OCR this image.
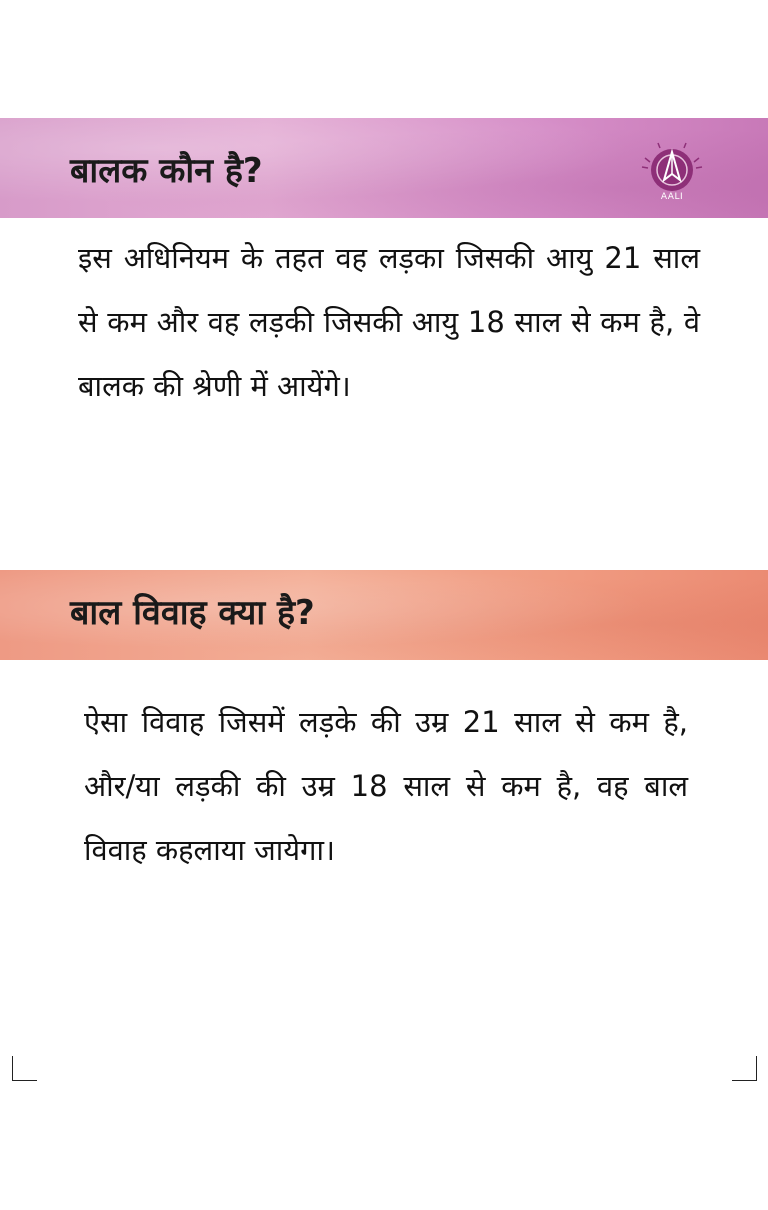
बालक कौन है?
AALI

इस अधिनियम के तहत वह लड़का जिसकी आयु 21 साल से कम और वह लड़की जिसकी आयु 18 साल से कम है, वे बालक की श्रेणी में आयेंगे।

बाल विवाह क्या है?

ऐसा विवाह जिसमें लड़के की उम्र 21 साल से कम है, और/या लड़की की उम्र 18 साल से कम है, वह बाल विवाह कहलाया जायेगा।
